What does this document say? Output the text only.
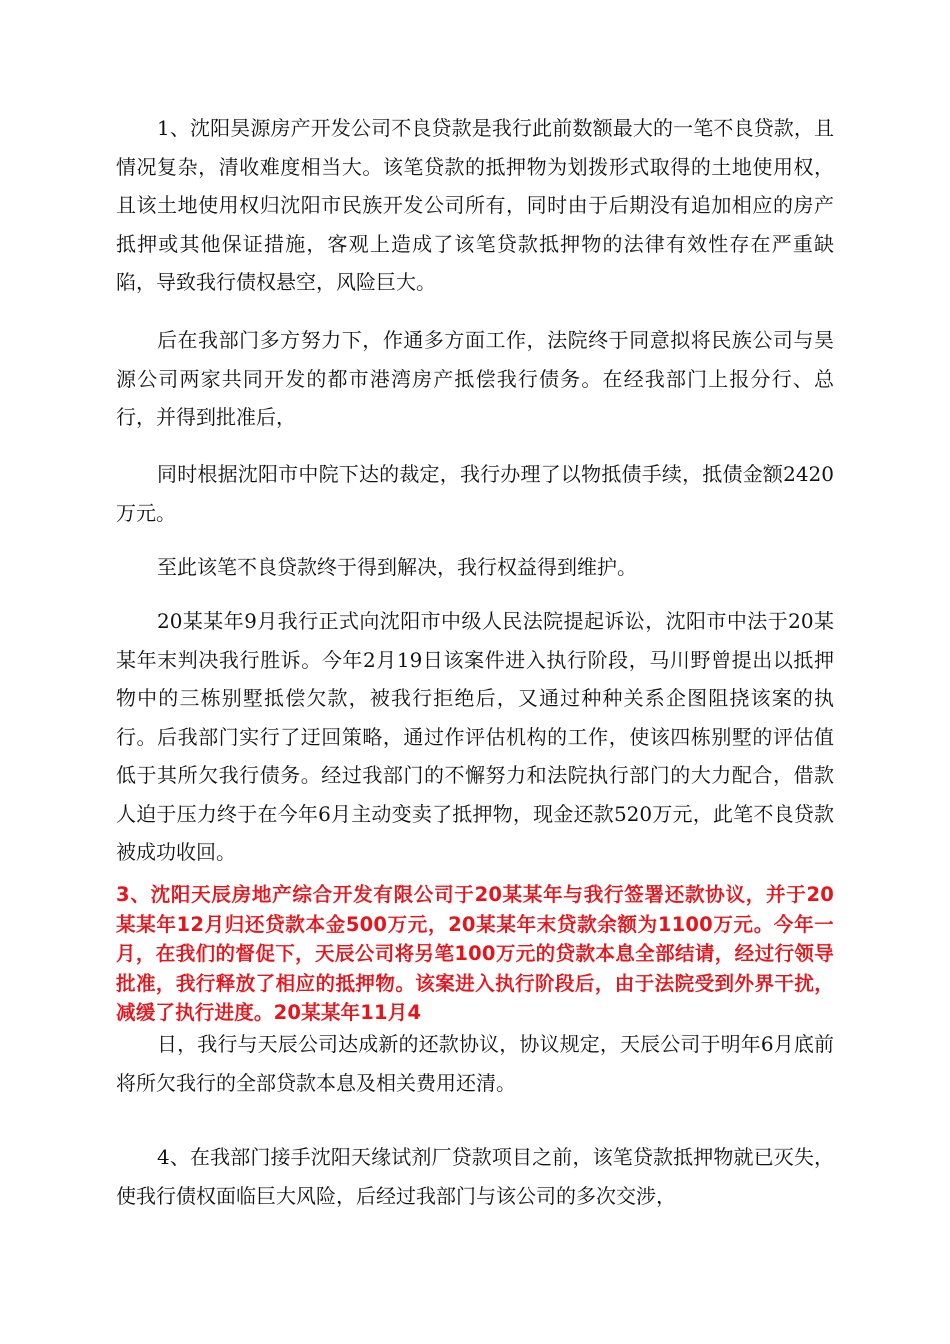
1、沈阳昊源房产开发公司不良贷款是我行此前数额最大的一笔不良贷款，且情况复杂，清收难度相当大。该笔贷款的抵押物为划拨形式取得的土地使用权，且该土地使用权归沈阳市民族开发公司所有，同时由于后期没有追加相应的房产抵押或其他保证措施，客观上造成了该笔贷款抵押物的法律有效性存在严重缺陷，导致我行债权悬空，风险巨大。

后在我部门多方努力下，作通多方面工作，法院终于同意拟将民族公司与昊源公司两家共同开发的都市港湾房产抵偿我行债务。在经我部门上报分行、总行，并得到批准后，

同时根据沈阳市中院下达的裁定，我行办理了以物抵债手续，抵债金额2420万元。

至此该笔不良贷款终于得到解决，我行权益得到维护。

20某某年9月我行正式向沈阳市中级人民法院提起诉讼，沈阳市中法于20某某年末判决我行胜诉。今年2月19日该案件进入执行阶段，马川野曾提出以抵押物中的三栋别墅抵偿欠款，被我行拒绝后，又通过种种关系企图阻挠该案的执行。后我部门实行了迂回策略，通过作评估机构的工作，使该四栋别墅的评估值低于其所欠我行债务。经过我部门的不懈努力和法院执行部门的大力配合，借款人迫于压力终于在今年6月主动变卖了抵押物，现金还款520万元，此笔不良贷款被成功收回。

3、沈阳天辰房地产综合开发有限公司于20某某年与我行签署还款协议，并于20某某年12月归还贷款本金500万元，20某某年末贷款余额为1100万元。今年一月，在我们的督促下，天辰公司将另笔100万元的贷款本息全部结请，经过行领导批准，我行释放了相应的抵押物。该案进入执行阶段后，由于法院受到外界干扰，减缓了执行进度。20某某年11月4

日，我行与天辰公司达成新的还款协议，协议规定，天辰公司于明年6月底前将所欠我行的全部贷款本息及相关费用还清。

4、在我部门接手沈阳天缘试剂厂贷款项目之前，该笔贷款抵押物就已灭失，使我行债权面临巨大风险，后经过我部门与该公司的多次交涉，
